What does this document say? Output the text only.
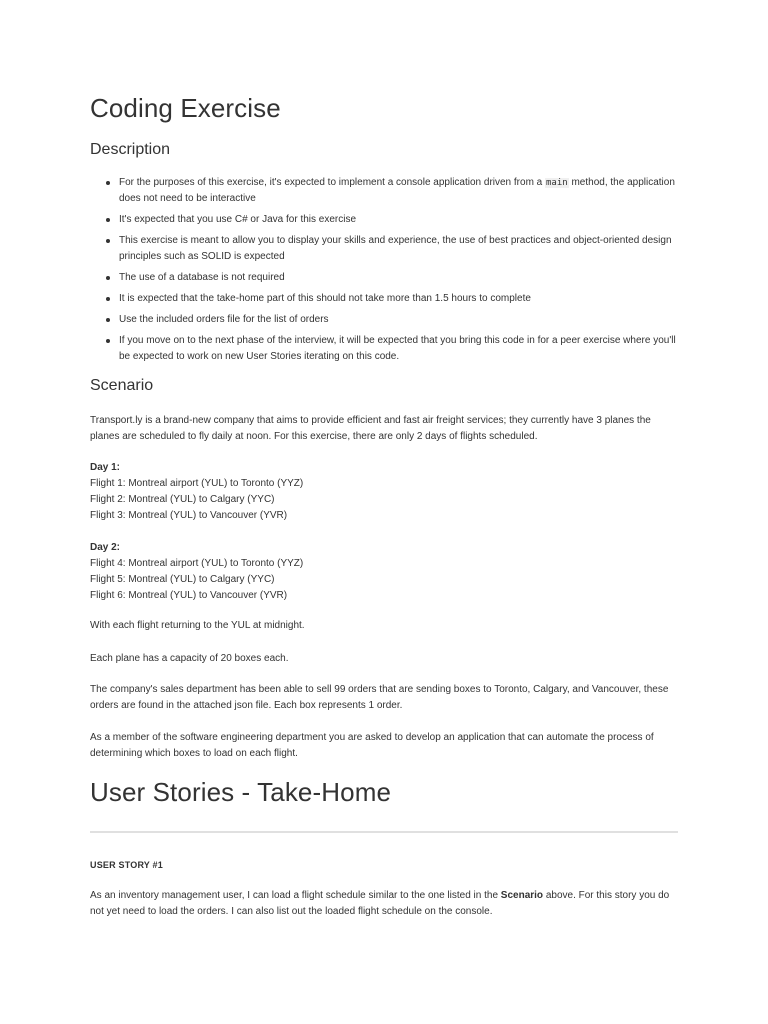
Coding Exercise
Description
For the purposes of this exercise, it's expected to implement a console application driven from a main method, the application does not need to be interactive
It's expected that you use C# or Java for this exercise
This exercise is meant to allow you to display your skills and experience, the use of best practices and object-oriented design principles such as SOLID is expected
The use of a database is not required
It is expected that the take-home part of this should not take more than 1.5 hours to complete
Use the included orders file for the list of orders
If you move on to the next phase of the interview, it will be expected that you bring this code in for a peer exercise where you'll be expected to work on new User Stories iterating on this code.
Scenario

Transport.ly is a brand-new company that aims to provide efficient and fast air freight services; they currently have 3 planes the planes are scheduled to fly daily at noon. For this exercise, there are only 2 days of flights scheduled.

Day 1:

Flight 1: Montreal airport (YUL) to Toronto (YYZ)

Flight 2: Montreal (YUL) to Calgary (YYC)

Flight 3: Montreal (YUL) to Vancouver (YVR)

Day 2:

Flight 4: Montreal airport (YUL) to Toronto (YYZ)

Flight 5: Montreal (YUL) to Calgary (YYC)

Flight 6: Montreal (YUL) to Vancouver (YVR)

With each flight returning to the YUL at midnight.

Each plane has a capacity of 20 boxes each.

The company's sales department has been able to sell 99 orders that are sending boxes to Toronto, Calgary, and Vancouver, these orders are found in the attached json file. Each box represents 1 order.

As a member of the software engineering department you are asked to develop an application that can automate the process of determining which boxes to load on each flight.

User Stories - Take-Home

USER STORY #1

As an inventory management user, I can load a flight schedule similar to the one listed in the Scenario above. For this story you do not yet need to load the orders. I can also list out the loaded flight schedule on the console.
